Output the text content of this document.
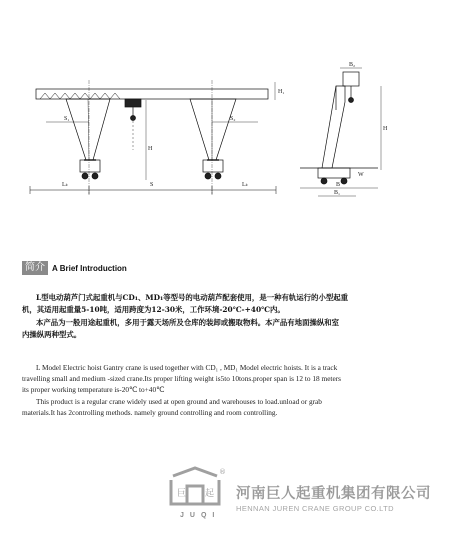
Lₖ	Lₖ
S₁	S₂
S
H
H₁
H
B
B₁
B₂
W
简介 A Brief Introduction

L型电动葫芦门式起重机与CD₁、MD₁等型号的电动葫芦配套使用，是一种有轨运行的小型起重

机，其适用起重量5-10吨，适用跨度为12-30米，工作环境-20℃-+40℃内。

本产品为一般用途起重机，多用于露天场所及仓库的装卸或搬取物料。本产品有地面操纵和室

内操纵两种型式。

L Model Electric hoist Gantry crane is used together with CD₁ , MD₁ Model electric hoists. It is a track

travelling small and medium -sized crane.Its proper lifting weight is5to 10tons.proper span is 12 to 18 meters

its proper working temperature is-20℃ to+40℃

This product is a regular crane widely used at open ground and warehouses to load.unload or grab

materials.It has 2controlling methods. namely ground controlling and room controlling.

巨 起
®
JUQI
河南巨人起重机集团有限公司
HENNAN JUREN CRANE GROUP CO.LTD
